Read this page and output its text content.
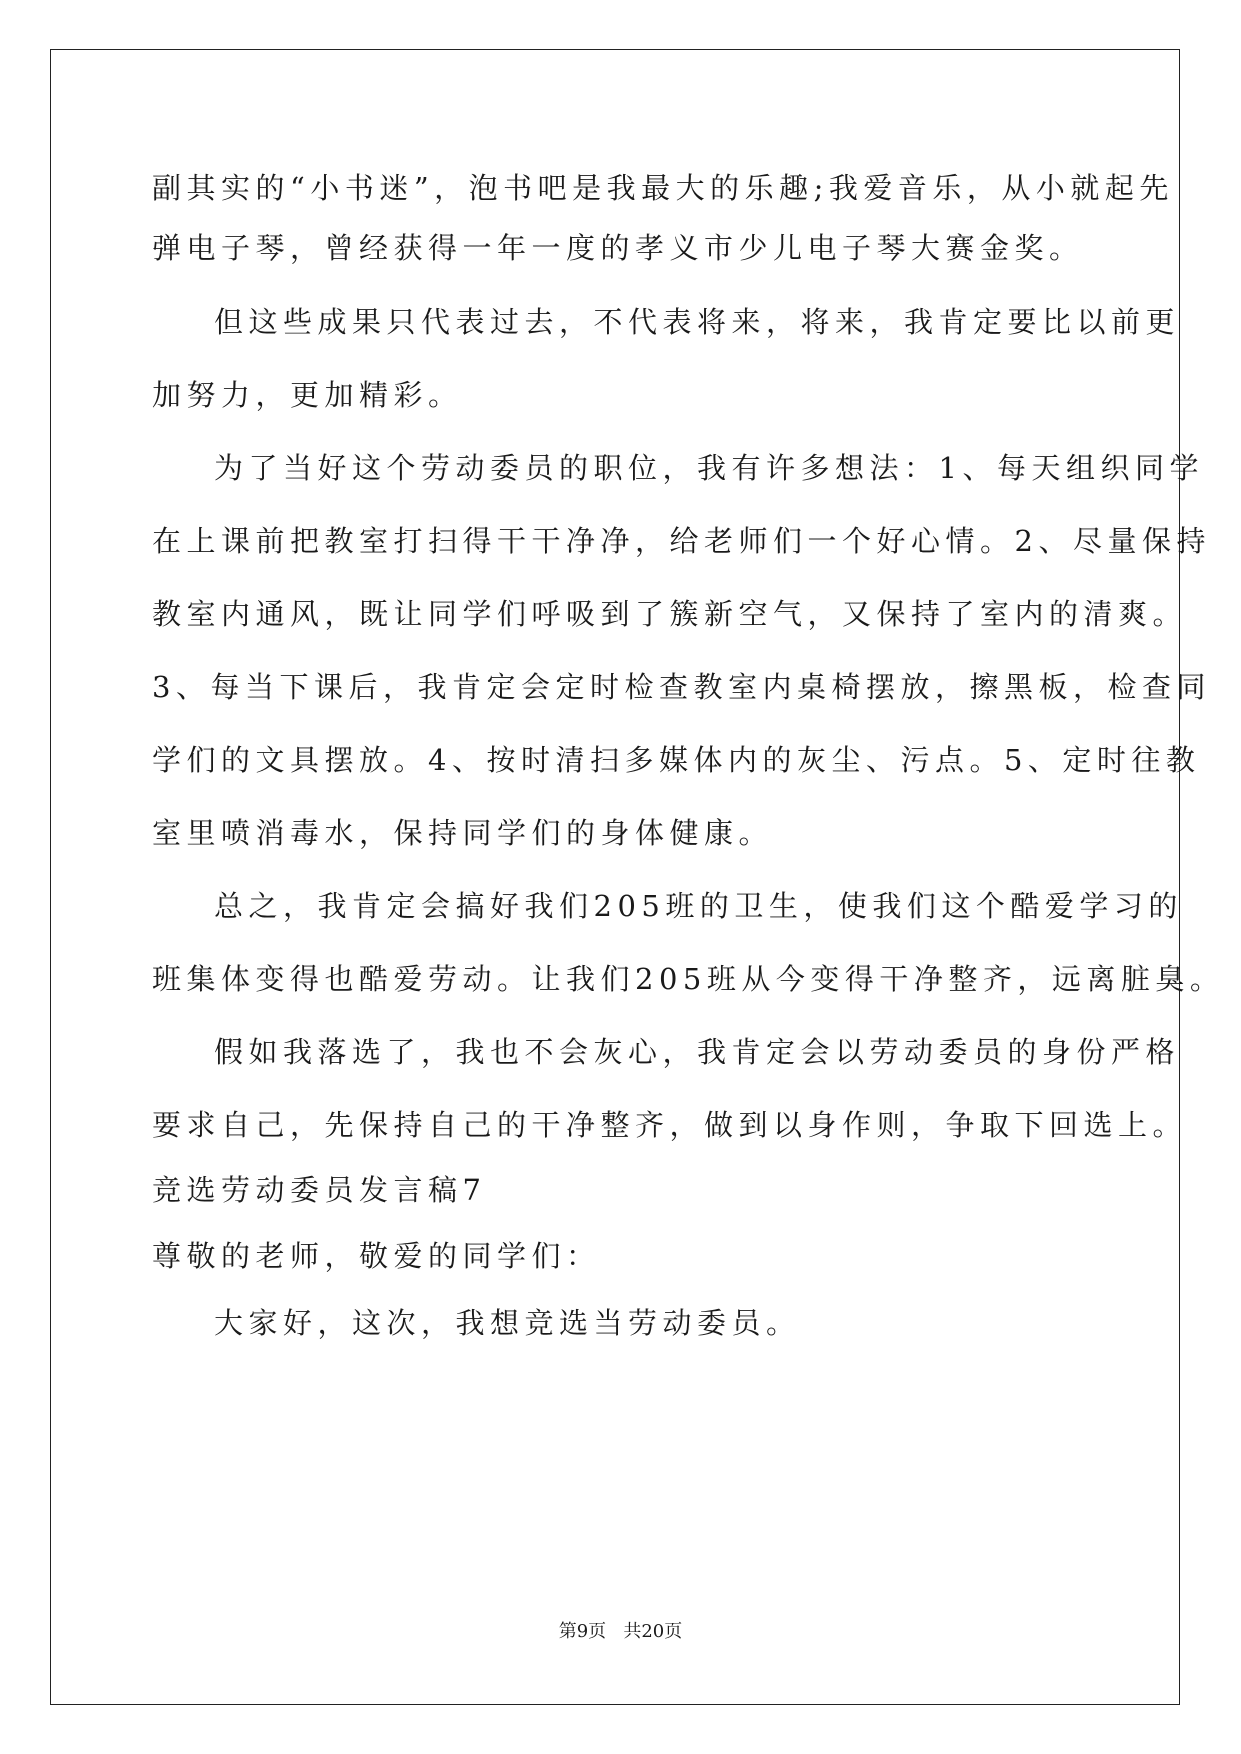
副其实的“小书迷”，泡书吧是我最大的乐趣;我爱音乐，从小就起先
弹电子琴，曾经获得一年一度的孝义市少儿电子琴大赛金奖。
但这些成果只代表过去，不代表将来，将来，我肯定要比以前更
加努力，更加精彩。
为了当好这个劳动委员的职位，我有许多想法：1、每天组织同学
在上课前把教室打扫得干干净净，给老师们一个好心情。2、尽量保持
教室内通风，既让同学们呼吸到了簇新空气，又保持了室内的清爽。
3、每当下课后，我肯定会定时检查教室内桌椅摆放，擦黑板，检查同
学们的文具摆放。4、按时清扫多媒体内的灰尘、污点。5、定时往教
室里喷消毒水，保持同学们的身体健康。
总之，我肯定会搞好我们205班的卫生，使我们这个酷爱学习的
班集体变得也酷爱劳动。让我们205班从今变得干净整齐，远离脏臭。
假如我落选了，我也不会灰心，我肯定会以劳动委员的身份严格
要求自己，先保持自己的干净整齐，做到以身作则，争取下回选上。
竞选劳动委员发言稿7
尊敬的老师，敬爱的同学们：
大家好，这次，我想竞选当劳动委员。
第9页   共20页
